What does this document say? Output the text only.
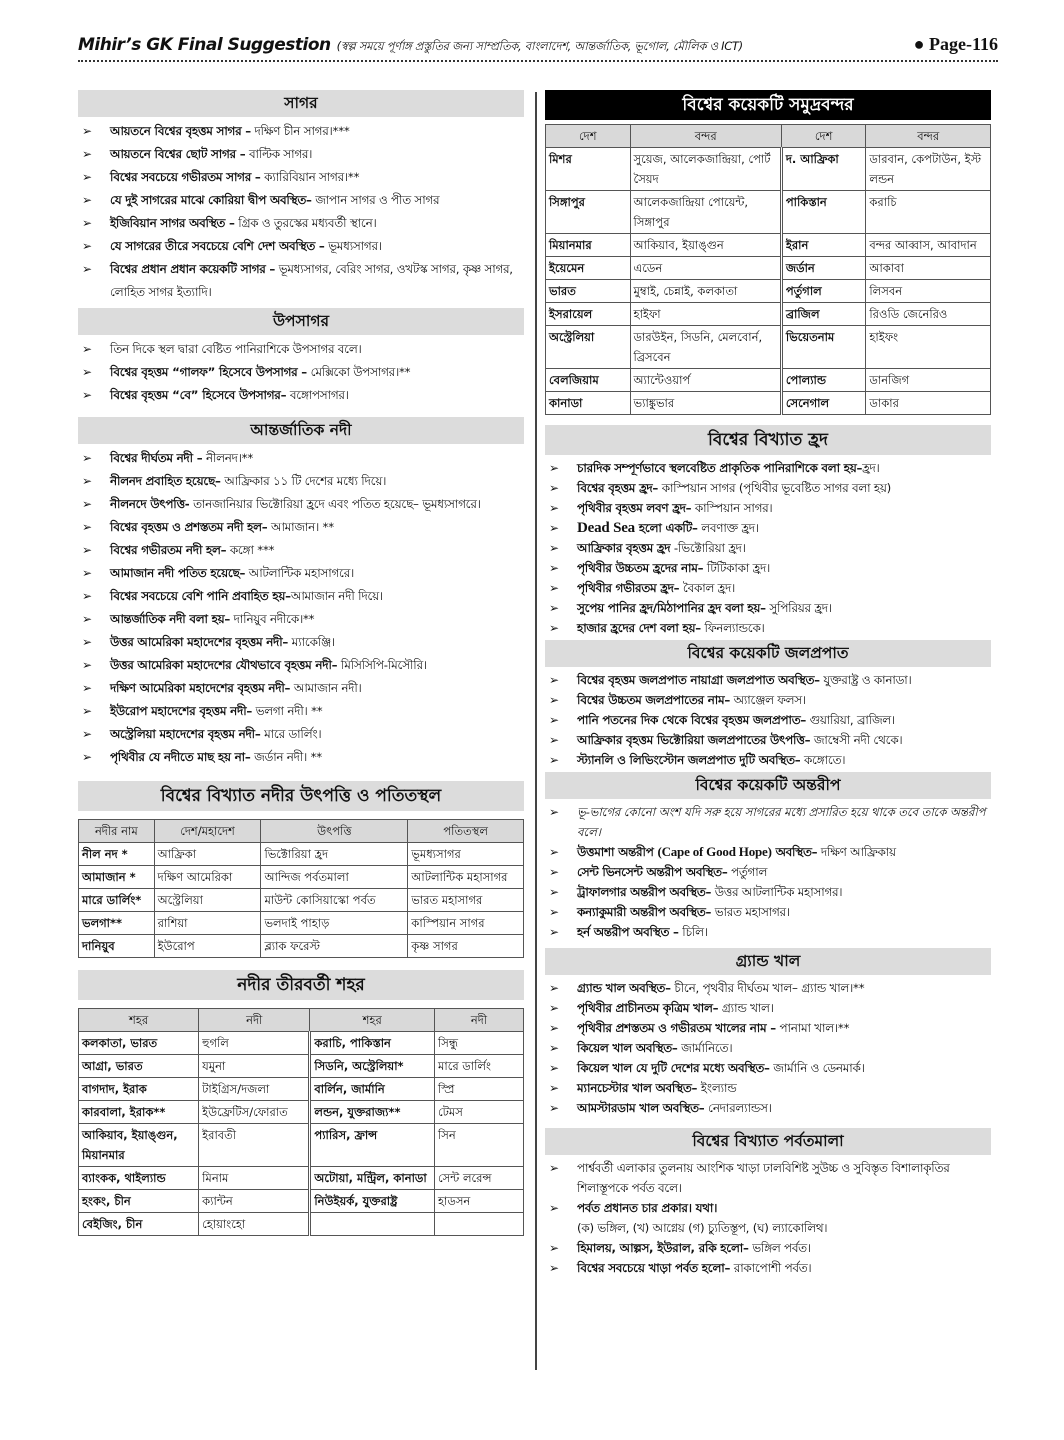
Mihir’s GK Final Suggestion (স্বল্প সময়ে পূর্ণাঙ্গ প্রস্তুতির জন্য সাম্প্রতিক, বাংলাদেশ, আন্তর্জাতিক, ভূগোল, মৌলিক ও ICT)	● Page-116
সাগর
➢ আয়তনে বিশ্বের বৃহত্তম সাগর – দক্ষিণ চীন সাগর।***
➢ আয়তনে বিশ্বের ছোট সাগর – বাল্টিক সাগর।
➢ বিশ্বের সবচেয়ে গভীরতম সাগর – ক্যারিবিয়ান সাগর।**
➢ যে দুই সাগরের মাঝে কোরিয়া দ্বীপ অবস্থিত– জাপান সাগর ও পীত সাগর
➢ ইজিবিয়ান সাগর অবস্থিত – গ্রিক ও তুরস্কের মধ্যবর্তী স্থানে।
➢ যে সাগরের তীরে সবচেয়ে বেশি দেশ অবস্থিত – ভূমধ্যসাগর।
➢ বিশ্বের প্রধান প্রধান কয়েকটি সাগর – ভূমধ্যসাগর, বেরিং সাগর, ওখটস্ক সাগর, কৃষ্ণ সাগর, লোহিত সাগর ইত্যাদি।
উপসাগর
➢ তিন দিকে স্থল দ্বারা বেষ্টিত পানিরাশিকে উপসাগর বলে।
➢ বিশ্বের বৃহত্তম “গালফ” হিসেবে উপসাগর – মেক্সিকো উপসাগর।**
➢ বিশ্বের বৃহত্তম “বে” হিসেবে উপসাগর– বঙ্গোপসাগর।
আন্তর্জাতিক নদী
➢ বিশ্বের দীর্ঘতম নদী – নীলনদ।**
➢ নীলনদ প্রবাহিত হয়েছে– আফ্রিকার ১১ টি দেশের মধ্যে দিয়ে।
➢ নীলনদে উৎপত্তি- তানজানিয়ার ভিক্টোরিয়া হ্রদে এবং পতিত হয়েছে– ভূমধ্যসাগরে।
➢ বিশ্বের বৃহত্তম ও প্রশস্ততম নদী হল– আমাজান। **
➢ বিশ্বের গভীরতম নদী হল– কঙ্গো ***
➢ আমাজান নদী পতিত হয়েছে– আটলান্টিক মহাসাগরে।
➢ বিশ্বের সবচেয়ে বেশি পানি প্রবাহিত হয়–আমাজান নদী দিয়ে।
➢ আন্তর্জাতিক নদী বলা হয়– দানিয়ুব নদীকে।**
➢ উত্তর আমেরিকা মহাদেশের বৃহত্তম নদী– ম্যাকেঞ্জি।
➢ উত্তর আমেরিকা মহাদেশের যৌথভাবে বৃহত্তম নদী– মিসিসিপি-মিসৌরি।
➢ দক্ষিণ আমেরিকা মহাদেশের বৃহত্তম নদী– আমাজান নদী।
➢ ইউরোপ মহাদেশের বৃহত্তম নদী– ভলগা নদী। **
➢ অস্ট্রেলিয়া মহাদেশের বৃহত্তম নদী– মারে ডার্লিং।
➢ পৃথিবীর যে নদীতে মাছ হয় না– জর্ডান নদী। **
বিশ্বের বিখ্যাত নদীর উৎপত্তি ও পতিতস্থল
নদীর নাম	দেশ/মহাদেশ	উৎপত্তি	পতিতস্থল
নীল নদ *	আফ্রিকা	ভিক্টোরিয়া হ্রদ	ভূমধ্যসাগর
আমাজান *	দক্ষিণ আমেরিকা	আন্দিজ পর্বতমালা	আটলান্টিক মহাসাগর
মারে ডার্লিং*	অস্ট্রেলিয়া	মাউন্ট কোসিয়াস্কো পর্বত	ভারত মহাসাগর
ভলগা**	রাশিয়া	ভলদাই পাহাড়	কাস্পিয়ান সাগর
দানিয়ুব	ইউরোপ	ব্ল্যাক ফরেস্ট	কৃষ্ণ সাগর
নদীর তীরবর্তী শহর
শহর	নদী	শহর	নদী
কলকাতা, ভারত	হুগলি	করাচি, পাকিস্তান	সিন্ধু
আগ্রা, ভারত	যমুনা	সিডনি, অস্ট্রেলিয়া*	মারে ডার্লিং
বাগদাদ, ইরাক	টাইগ্রিস/দজলা	বার্লিন, জার্মানি	স্প্রি
কারবালা, ইরাক**	ইউফ্রেটিস/ফোরাত	লন্ডন, যুক্তরাজ্য**	টেমস
আকিয়াব, ইয়াঙ্গুন, মিয়ানমার	ইরাবতী	প্যারিস, ফ্রান্স	সিন
ব্যাংকক, থাইল্যান্ড	মিনাম	অটোয়া, মন্ট্রিল, কানাডা	সেন্ট লরেন্স
হংকং, চীন	ক্যান্টন	নিউইয়র্ক, যুক্তরাষ্ট্র	হাডসন
বেইজিং, চীন	হোয়াংহো		
বিশ্বের কয়েকটি সমুদ্রবন্দর
দেশ	বন্দর	দেশ	বন্দর
মিশর	সুয়েজ, আলেকজান্দ্রিয়া, পোর্ট সৈয়দ	দ. আফ্রিকা	ডারবান, কেপটাউন, ইস্ট লন্ডন
সিঙ্গাপুর	আলেকজান্দ্রিয়া পোয়েন্ট, সিঙ্গাপুর	পাকিস্তান	করাচি
মিয়ানমার	আকিয়াব, ইয়াঙ্গুন	ইরান	বন্দর আব্বাস, আবাদান
ইয়েমেন	এডেন	জর্ডান	আকাবা
ভারত	মুম্বাই, চেন্নাই, কলকাতা	পর্তুগাল	লিসবন
ইসরায়েল	হাইফা	ব্রাজিল	রিওডি জেনেরিও
অস্ট্রেলিয়া	ডারউইন, সিডনি, মেলবোর্ন, ব্রিসবেন	ভিয়েতনাম	হাইফং
বেলজিয়াম	অ্যান্টেওয়ার্প	পোল্যান্ড	ডানজিগ
কানাডা	ভ্যাঙ্কুভার	সেনেগাল	ডাকার
বিশ্বের বিখ্যাত হ্রদ
➢ চারদিক সম্পূর্ণভাবে স্থলবেষ্টিত প্রাকৃতিক পানিরাশিকে বলা হয়–হ্রদ।
➢ বিশ্বের বৃহত্তম হ্রদ– কাস্পিয়ান সাগর (পৃথিবীর ভূবেষ্টিত সাগর বলা হয়)
➢ পৃথিবীর বৃহত্তম লবণ হ্রদ– কাস্পিয়ান সাগর।
➢ Dead Sea হলো একটি– লবণাক্ত হ্রদ।
➢ আফ্রিকার বৃহত্তম হ্রদ -ভিক্টোরিয়া হ্রদ।
➢ পৃথিবীর উচ্চতম হ্রদের নাম– টিটিকাকা হ্রদ।
➢ পৃথিবীর গভীরতম হ্রদ– বৈকাল হ্রদ।
➢ সুপেয় পানির হ্রদ/মিঠাপানির হ্রদ বলা হয়– সুপিরিয়র হ্রদ।
➢ হাজার হ্রদের দেশ বলা হয়– ফিনল্যান্ডকে।
বিশ্বের কয়েকটি জলপ্রপাত
➢ বিশ্বের বৃহত্তম জলপ্রপাত নায়াগ্রা জলপ্রপাত অবস্থিত– যুক্তরাষ্ট্র ও কানাডা।
➢ বিশ্বের উচ্চতম জলপ্রপাতের নাম– অ্যাঞ্জেল ফলস।
➢ পানি পতনের দিক থেকে বিশ্বের বৃহত্তম জলপ্রপাত– গুয়ারিয়া, ব্রাজিল।
➢ আফ্রিকার বৃহত্তম ভিক্টোরিয়া জলপ্রপাতের উৎপত্তি– জাম্বেসী নদী থেকে।
➢ স্ট্যানলি ও লিভিংস্টোন জলপ্রপাত দুটি অবস্থিত– কঙ্গোতে।
বিশ্বের কয়েকটি অন্তরীপ
➢ ভূ-ভাগের কোনো অংশ যদি সরু হয়ে সাগরের মধ্যে প্রসারিত হয়ে থাকে তবে তাকে অন্তরীপ বলে।
➢ উত্তমাশা অন্তরীপ (Cape of Good Hope) অবস্থিত– দক্ষিণ আফ্রিকায়
➢ সেন্ট ভিনসেন্ট অন্তরীপ অবস্থিত– পর্তুগাল
➢ ট্রাফালগার অন্তরীপ অবস্থিত– উত্তর আটলান্টিক মহাসাগর।
➢ কন্যাকুমারী অন্তরীপ অবস্থিত– ভারত মহাসাগর।
➢ হর্ন অন্তরীপ অবস্থিত – চিলি।
গ্র্যান্ড খাল
➢ গ্র্যান্ড খাল অবস্থিত– চীনে, পৃথবীর দীর্ঘতম খাল– গ্র্যান্ড খাল।**
➢ পৃথিবীর প্রাচীনতম কৃত্রিম খাল– গ্র্যান্ড খাল।
➢ পৃথিবীর প্রশস্ততম ও গভীরতম খালের নাম – পানামা খাল।**
➢ কিয়েল খাল অবস্থিত– জার্মানিতে।
➢ কিয়েল খাল যে দুটি দেশের মধ্যে অবস্থিত– জার্মানি ও ডেনমার্ক।
➢ ম্যানচেস্টার খাল অবস্থিত– ইংল্যান্ড
➢ আমস্টারডাম খাল অবস্থিত– নেদারল্যান্ডস।
বিশ্বের বিখ্যাত পর্বতমালা
➢ পার্শ্ববর্তী এলাকার তুলনায় আংশিক খাড়া ঢালবিশিষ্ট সুউচ্চ ও সুবিস্তৃত বিশালাকৃতির শিলাস্তূপকে পর্বত বলে।
➢ পর্বত প্রধানত চার প্রকার। যথা।
(ক) ভঙ্গিল, (খ) আগ্নেয় (গ) চ্যুতিস্তূপ, (ঘ) ল্যাকোলিথ।
➢ হিমালয়, আল্পস, ইউরাল, রকি হলো– ভঙ্গিল পর্বত।
➢ বিশ্বের সবচেয়ে খাড়া পর্বত হলো– রাকাপোশী পর্বত।
